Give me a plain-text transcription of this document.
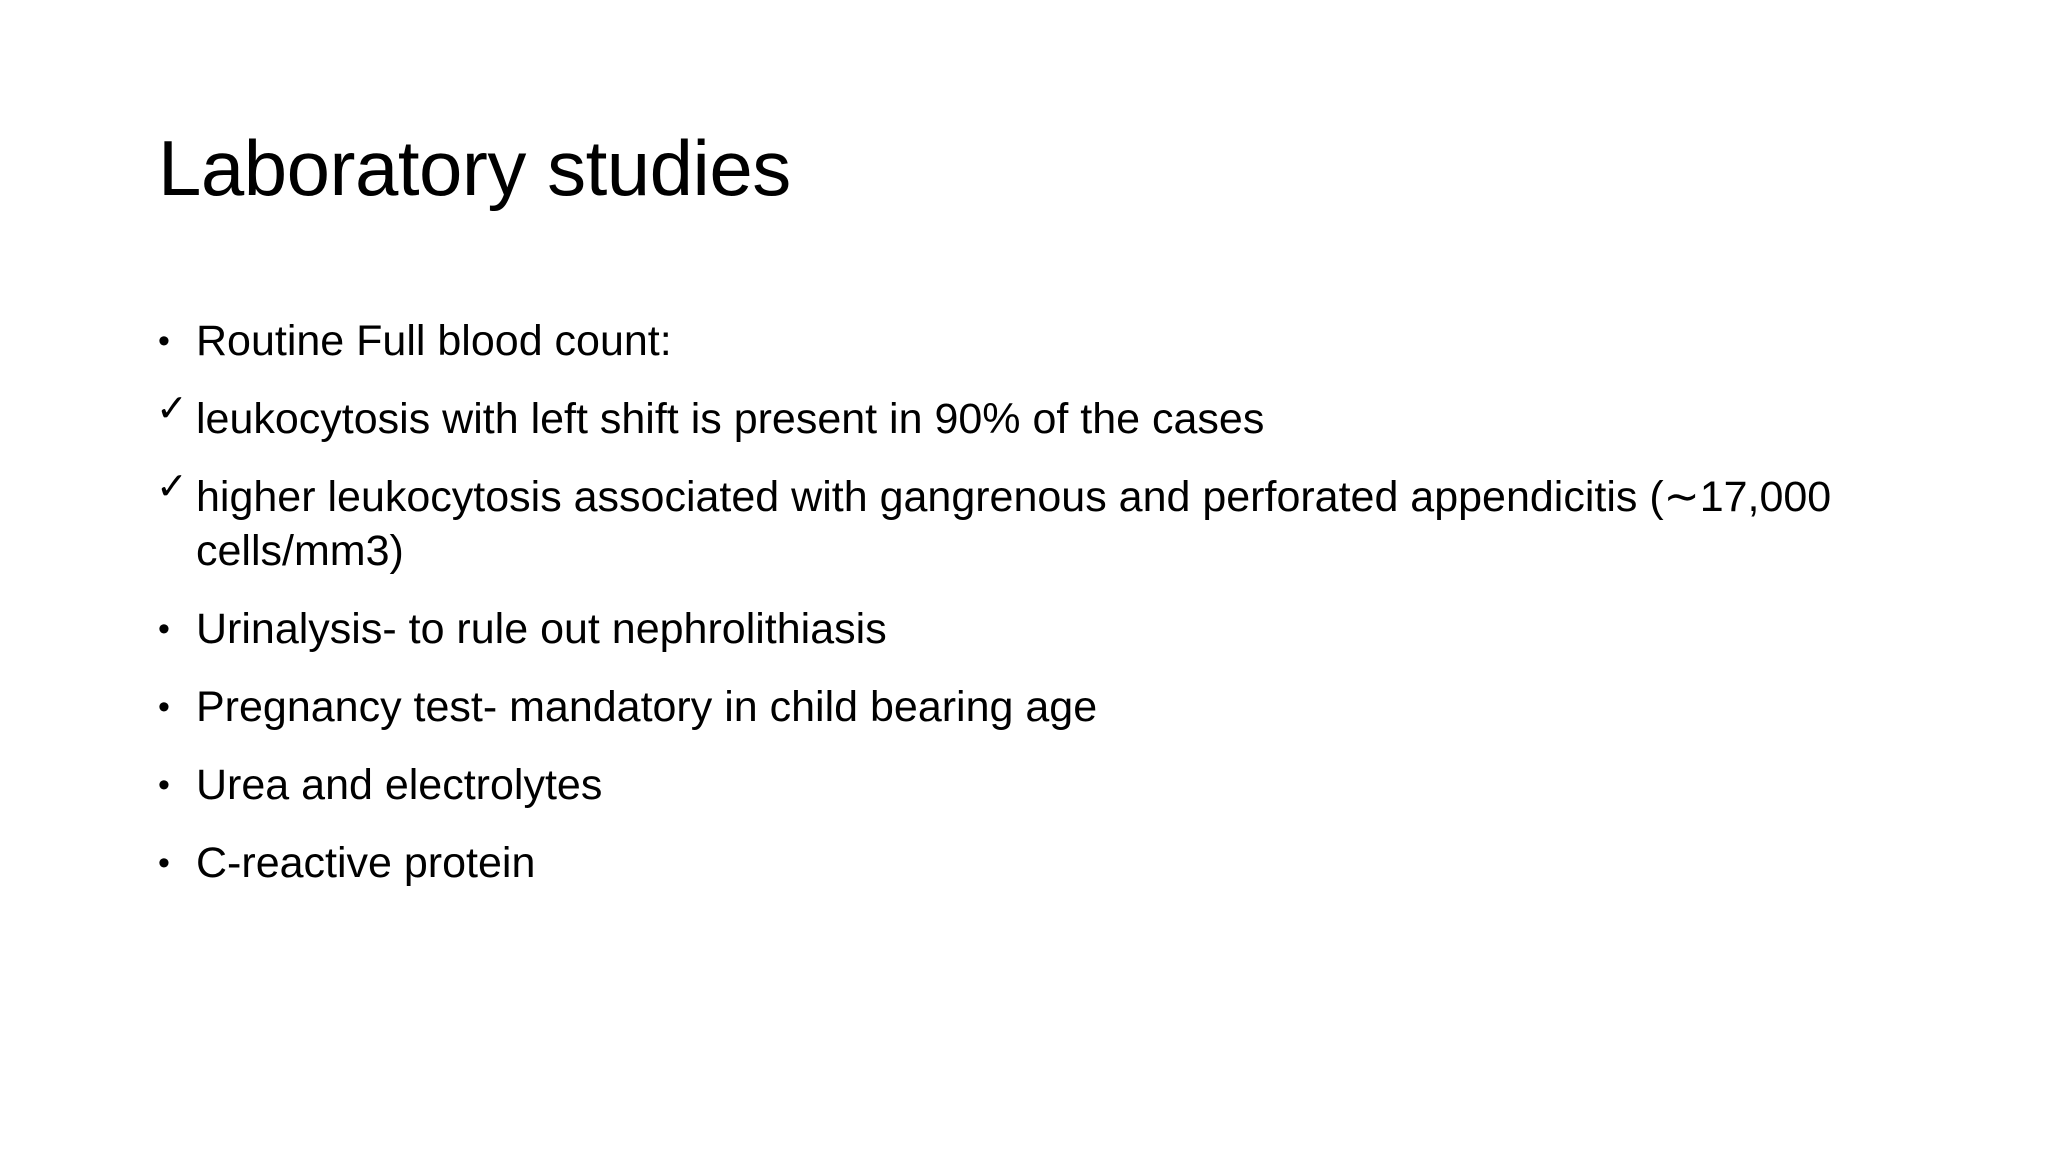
Laboratory studies
• Routine Full blood count:
✓ leukocytosis with left shift is present in 90% of the cases
✓ higher leukocytosis associated with gangrenous and perforated appendicitis (∼17,000 cells/mm3)
• Urinalysis- to rule out nephrolithiasis
• Pregnancy test- mandatory in child bearing age
• Urea and electrolytes
• C-reactive protein
